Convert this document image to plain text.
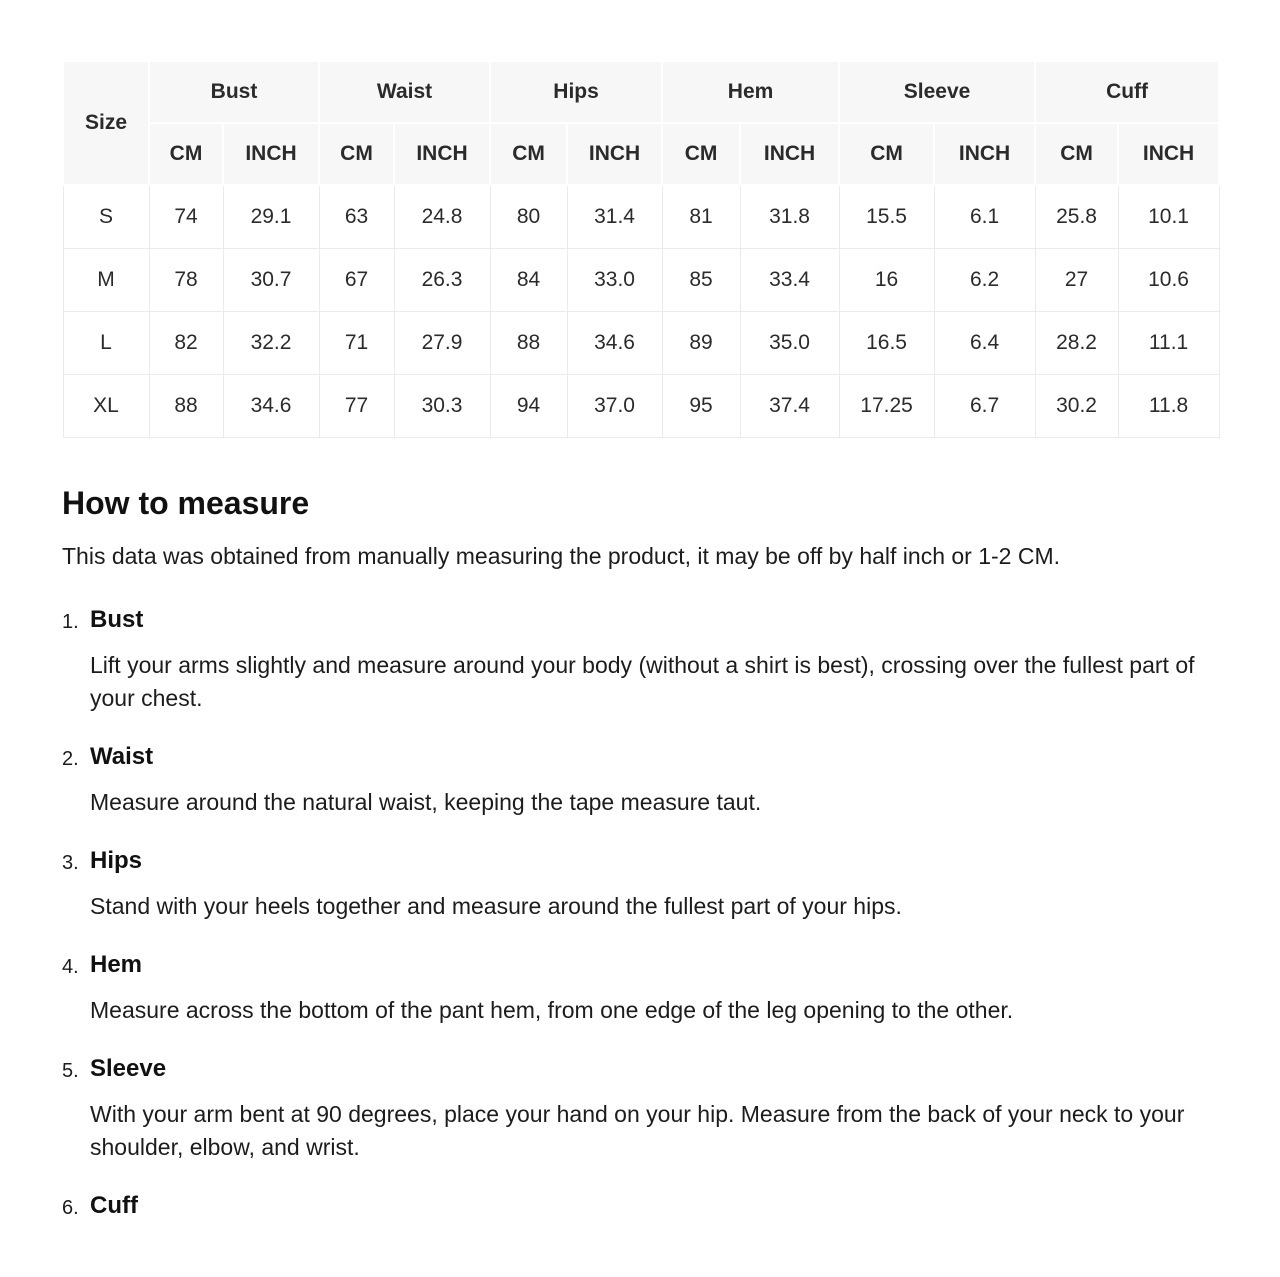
Size	Bust		Waist		Hips		Hem		Sleeve		Cuff	
	CM	INCH	CM	INCH	CM	INCH	CM	INCH	CM	INCH	CM	INCH
S	74	29.1	63	24.8	80	31.4	81	31.8	15.5	6.1	25.8	10.1
M	78	30.7	67	26.3	84	33.0	85	33.4	16	6.2	27	10.6
L	82	32.2	71	27.9	88	34.6	89	35.0	16.5	6.4	28.2	11.1
XL	88	34.6	77	30.3	94	37.0	95	37.4	17.25	6.7	30.2	11.8
How to measure

This data was obtained from manually measuring the product, it may be off by half inch or 1-2 CM.

1. Bust

Lift your arms slightly and measure around your body (without a shirt is best), crossing over the fullest part of your chest.

2. Waist

Measure around the natural waist, keeping the tape measure taut.

3. Hips

Stand with your heels together and measure around the fullest part of your hips.

4. Hem

Measure across the bottom of the pant hem, from one edge of the leg opening to the other.

5. Sleeve

With your arm bent at 90 degrees, place your hand on your hip. Measure from the back of your neck to your shoulder, elbow, and wrist.

6. Cuff
